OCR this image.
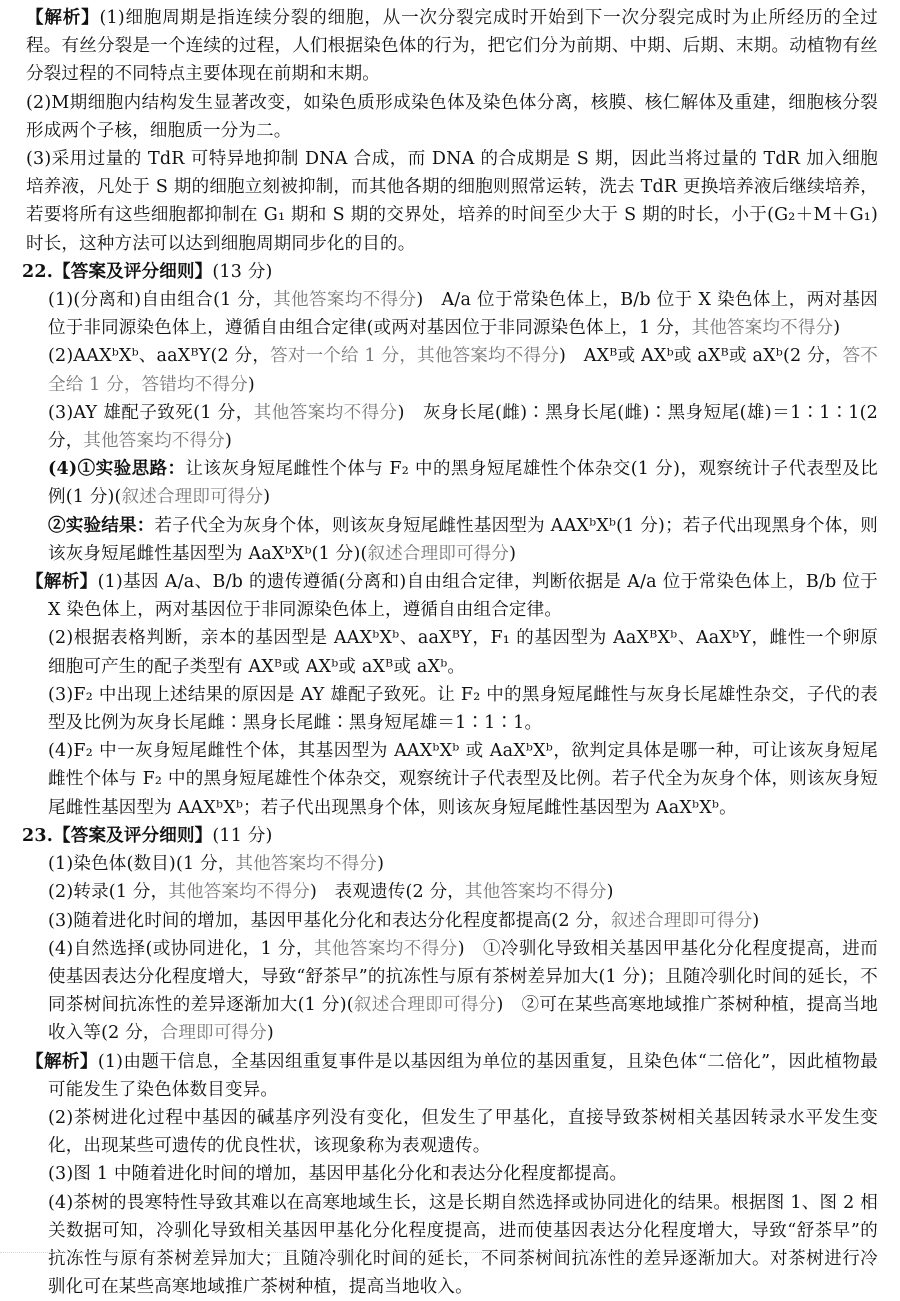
【解析】(1)细胞周期是指连续分裂的细胞，从一次分裂完成时开始到下一次分裂完成时为止所经历的全过程。有丝分裂是一个连续的过程，人们根据染色体的行为，把它们分为前期、中期、后期、末期。动植物有丝分裂过程的不同特点主要体现在前期和末期。

(2)M期细胞内结构发生显著改变，如染色质形成染色体及染色体分离，核膜、核仁解体及重建，细胞核分裂形成两个子核，细胞质一分为二。

(3)采用过量的 TdR 可特异地抑制 DNA 合成，而 DNA 的合成期是 S 期，因此当将过量的 TdR 加入细胞培养液，凡处于 S 期的细胞立刻被抑制，而其他各期的细胞则照常运转，洗去 TdR 更换培养液后继续培养，若要将所有这些细胞都抑制在 G₁ 期和 S 期的交界处，培养的时间至少大于 S 期的时长，小于(G₂＋M＋G₁)时长，这种方法可以达到细胞周期同步化的目的。

22.【答案及评分细则】(13 分)

(1)(分离和)自由组合(1 分，其他答案均不得分)　A/a 位于常染色体上，B/b 位于 X 染色体上，两对基因位于非同源染色体上，遵循自由组合定律(或两对基因位于非同源染色体上，1 分，其他答案均不得分)

(2)AAXᵇXᵇ、aaXᴮY(2 分，答对一个给 1 分，其他答案均不得分)　AXᴮ或 AXᵇ或 aXᴮ或 aXᵇ(2 分，答不全给 1 分，答错均不得分)

(3)AY 雄配子致死(1 分，其他答案均不得分)　灰身长尾(雌)∶黑身长尾(雌)∶黑身短尾(雄)＝1∶1∶1(2 分，其他答案均不得分)

(4)①实验思路：让该灰身短尾雌性个体与 F₂ 中的黑身短尾雄性个体杂交(1 分)，观察统计子代表型及比例(1 分)(叙述合理即可得分)

②实验结果：若子代全为灰身个体，则该灰身短尾雌性基因型为 AAXᵇXᵇ(1 分)；若子代出现黑身个体，则该灰身短尾雌性基因型为 AaXᵇXᵇ(1 分)(叙述合理即可得分)

【解析】(1)基因 A/a、B/b 的遗传遵循(分离和)自由组合定律，判断依据是 A/a 位于常染色体上，B/b 位于 X 染色体上，两对基因位于非同源染色体上，遵循自由组合定律。

(2)根据表格判断，亲本的基因型是 AAXᵇXᵇ、aaXᴮY，F₁ 的基因型为 AaXᴮXᵇ、AaXᵇY，雌性一个卵原细胞可产生的配子类型有 AXᴮ或 AXᵇ或 aXᴮ或 aXᵇ。

(3)F₂ 中出现上述结果的原因是 AY 雄配子致死。让 F₂ 中的黑身短尾雌性与灰身长尾雄性杂交，子代的表型及比例为灰身长尾雌∶黑身长尾雌∶黑身短尾雄＝1∶1∶1。

(4)F₂ 中一灰身短尾雌性个体，其基因型为 AAXᵇXᵇ 或 AaXᵇXᵇ，欲判定具体是哪一种，可让该灰身短尾雌性个体与 F₂ 中的黑身短尾雄性个体杂交，观察统计子代表型及比例。若子代全为灰身个体，则该灰身短尾雌性基因型为 AAXᵇXᵇ；若子代出现黑身个体，则该灰身短尾雌性基因型为 AaXᵇXᵇ。

23.【答案及评分细则】(11 分)

(1)染色体(数目)(1 分，其他答案均不得分)

(2)转录(1 分，其他答案均不得分)　表观遗传(2 分，其他答案均不得分)

(3)随着进化时间的增加，基因甲基化分化和表达分化程度都提高(2 分，叙述合理即可得分)

(4)自然选择(或协同进化，1 分，其他答案均不得分)　①冷驯化导致相关基因甲基化分化程度提高，进而使基因表达分化程度增大，导致“舒茶早”的抗冻性与原有茶树差异加大(1 分)；且随冷驯化时间的延长，不同茶树间抗冻性的差异逐渐加大(1 分)(叙述合理即可得分)　②可在某些高寒地域推广茶树种植，提高当地收入等(2 分，合理即可得分)

【解析】(1)由题干信息，全基因组重复事件是以基因组为单位的基因重复，且染色体“二倍化”，因此植物最可能发生了染色体数目变异。

(2)茶树进化过程中基因的碱基序列没有变化，但发生了甲基化，直接导致茶树相关基因转录水平发生变化，出现某些可遗传的优良性状，该现象称为表观遗传。

(3)图 1 中随着进化时间的增加，基因甲基化分化和表达分化程度都提高。

(4)茶树的畏寒特性导致其难以在高寒地域生长，这是长期自然选择或协同进化的结果。根据图 1、图 2 相关数据可知，冷驯化导致相关基因甲基化分化程度提高，进而使基因表达分化程度增大，导致“舒茶早”的抗冻性与原有茶树差异加大；且随冷驯化时间的延长，不同茶树间抗冻性的差异逐渐加大。对茶树进行冷驯化可在某些高寒地域推广茶树种植，提高当地收入。
